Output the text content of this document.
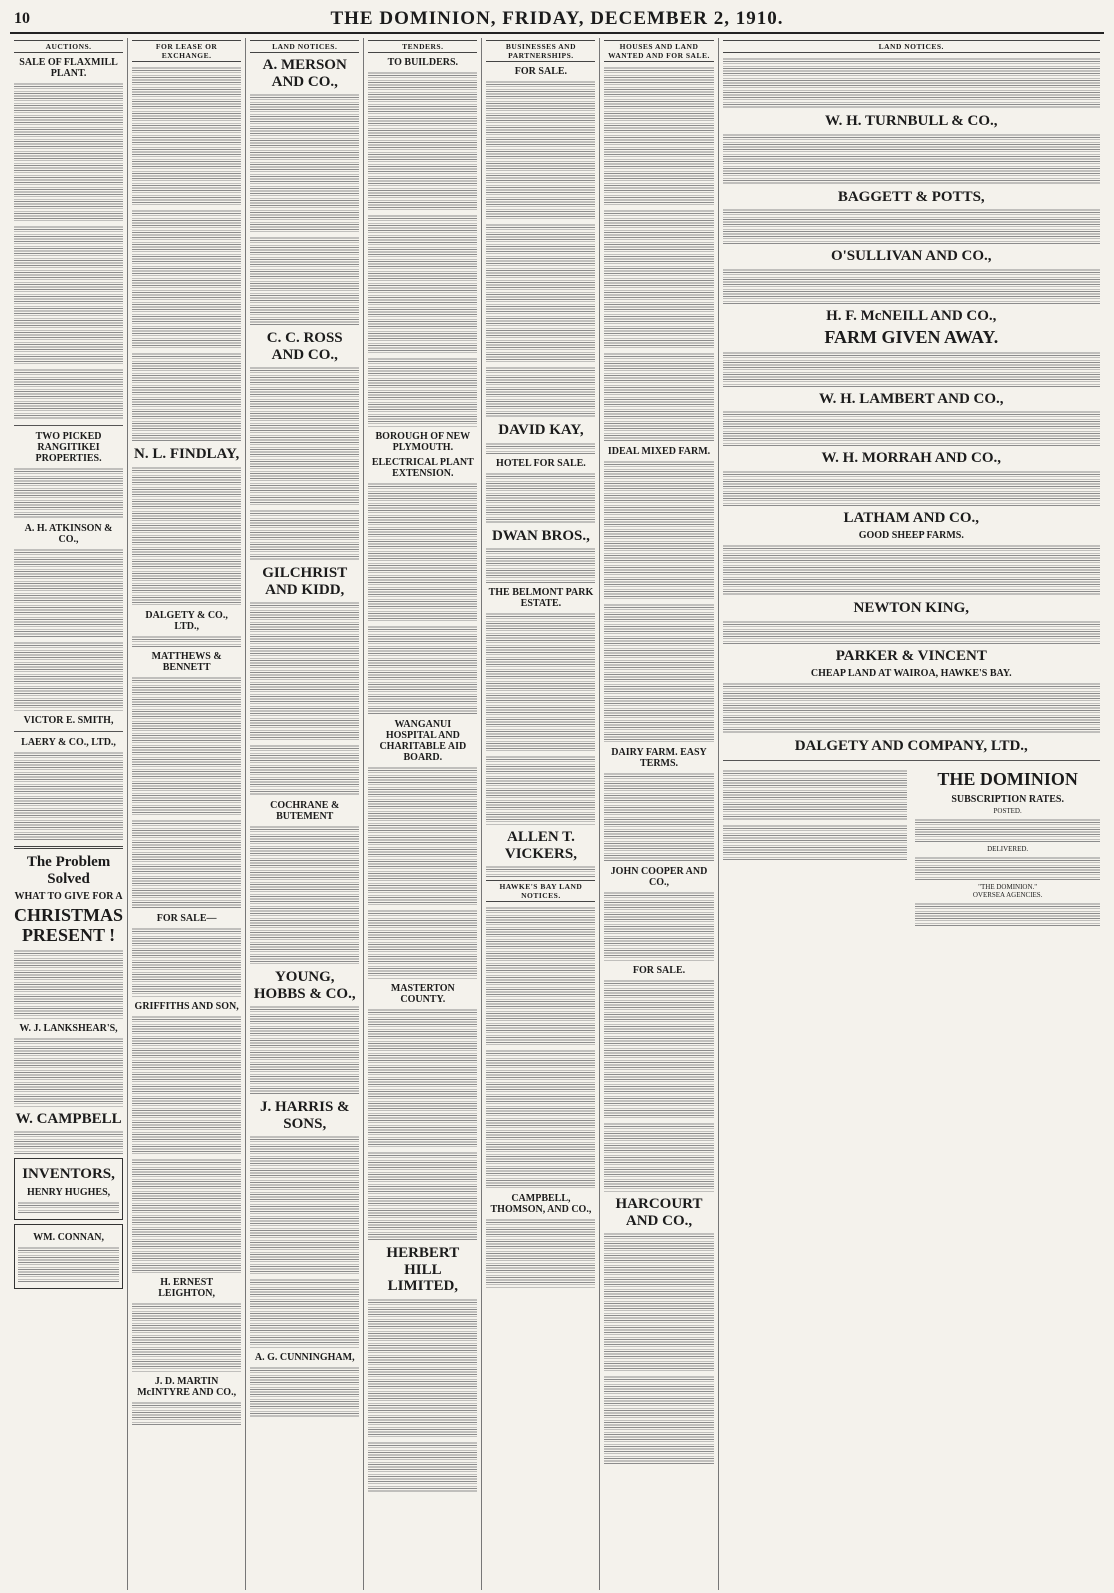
10	THE DOMINION, FRIDAY, DECEMBER 2, 1910.
AUCTIONS.
SALE OF FLAXMILL PLANT.
TWO PICKED RANGITIKEI PROPERTIES.
A. H. ATKINSON & CO.,
VICTOR E. SMITH,
LAERY & CO., LTD.,
The Problem Solved
WHAT TO GIVE FOR A
CHRISTMAS PRESENT !
W. J. LANKSHEAR'S,
W. CAMPBELL
INVENTORS,
HENRY HUGHES,
WM. CONNAN,
FOR LEASE OR EXCHANGE.
N. L. FINDLAY,
DALGETY & CO., LTD.,
MATTHEWS & BENNETT
FOR SALE—
GRIFFITHS AND SON,
H. ERNEST LEIGHTON,
J. D. MARTIN McINTYRE AND CO.,
LAND NOTICES.
A. MERSON AND CO.,
C. C. ROSS AND CO.,
GILCHRIST AND KIDD,
COCHRANE & BUTEMENT
YOUNG, HOBBS & CO.,
J. HARRIS & SONS,
A. G. CUNNINGHAM,
TENDERS.
TO BUILDERS.
BOROUGH OF NEW PLYMOUTH.
ELECTRICAL PLANT EXTENSION.
WANGANUI HOSPITAL AND CHARITABLE AID BOARD.
MASTERTON COUNTY.
HERBERT HILL LIMITED,
BUSINESSES AND PARTNERSHIPS.
FOR SALE.
DAVID KAY,
HOTEL FOR SALE.
DWAN BROS.,
THE BELMONT PARK ESTATE.
ALLEN T. VICKERS,
HAWKE'S BAY LAND NOTICES.
CAMPBELL, THOMSON, AND CO.,
HOUSES AND LAND WANTED AND FOR SALE.
IDEAL MIXED FARM.
DAIRY FARM. EASY TERMS.
JOHN COOPER AND CO.,
FOR SALE.
HARCOURT AND CO.,
LAND NOTICES.
W. H. TURNBULL & CO.,
BAGGETT & POTTS,
O'SULLIVAN AND CO.,
H. F. McNEILL AND CO.,
FARM GIVEN AWAY.
W. H. LAMBERT AND CO.,
W. H. MORRAH AND CO.,
LATHAM AND CO.,
GOOD SHEEP FARMS.
NEWTON KING,
PARKER & VINCENT
CHEAP LAND AT WAIROA, HAWKE'S BAY.
DALGETY AND COMPANY, LTD.,
THE DOMINION
SUBSCRIPTION RATES.
POSTED.
DELIVERED.
"THE DOMINION."
OVERSEA AGENCIES.
